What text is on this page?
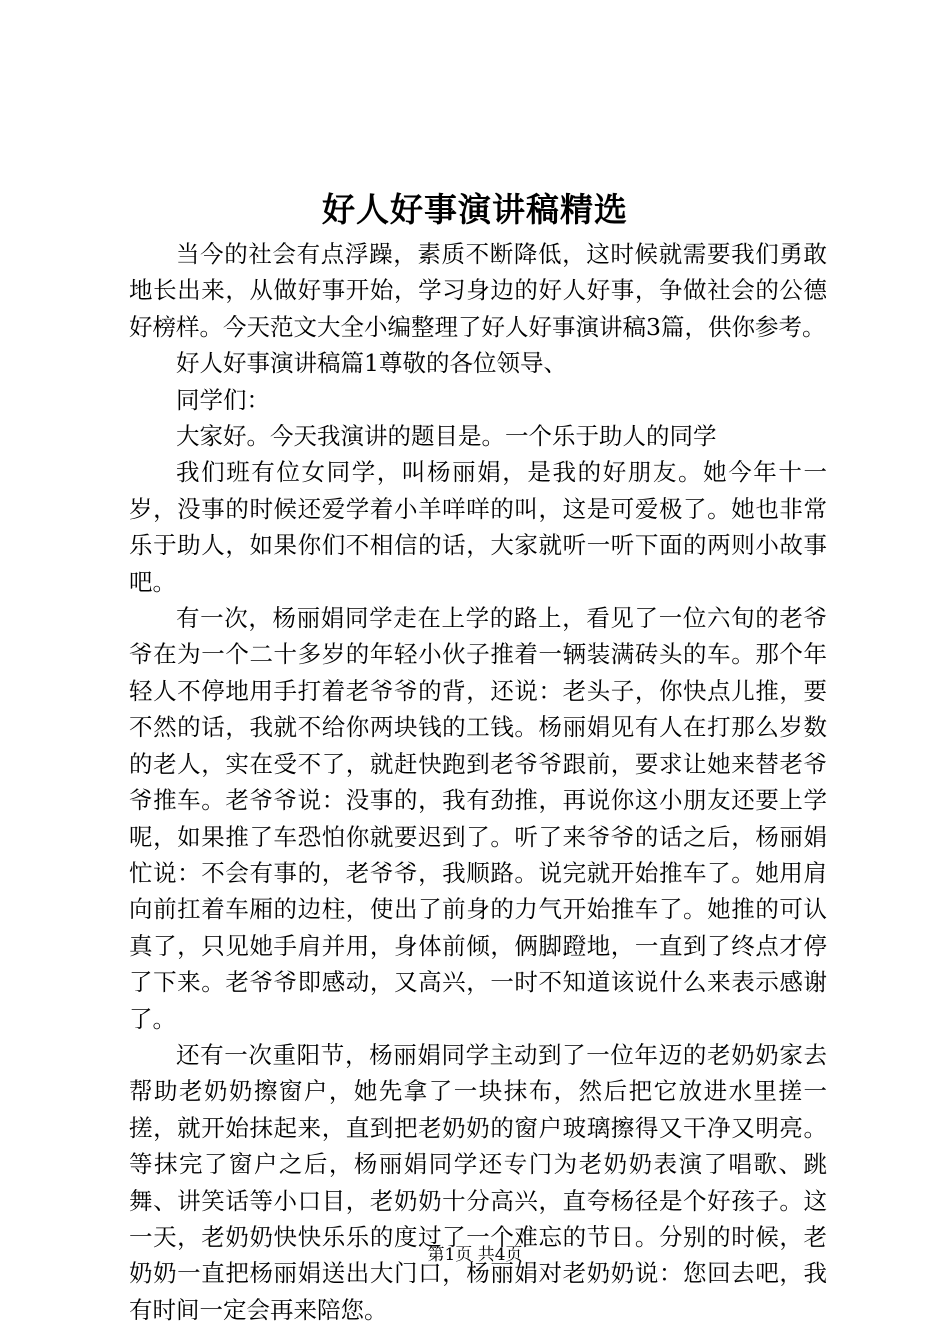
好人好事演讲稿精选

当今的社会有点浮躁，素质不断降低，这时候就需要我们勇敢地长出来，从做好事开始，学习身边的好人好事，争做社会的公德好榜样。今天范文大全小编整理了好人好事演讲稿3篇，供你参考。

好人好事演讲稿篇1尊敬的各位领导、

同学们：

大家好。今天我演讲的题目是。一个乐于助人的同学

我们班有位女同学，叫杨丽娟，是我的好朋友。她今年十一岁，没事的时候还爱学着小羊咩咩的叫，这是可爱极了。她也非常乐于助人，如果你们不相信的话，大家就听一听下面的两则小故事吧。

有一次，杨丽娟同学走在上学的路上，看见了一位六旬的老爷爷在为一个二十多岁的年轻小伙子推着一辆装满砖头的车。那个年轻人不停地用手打着老爷爷的背，还说：老头子，你快点儿推，要不然的话，我就不给你两块钱的工钱。杨丽娟见有人在打那么岁数的老人，实在受不了，就赶快跑到老爷爷跟前，要求让她来替老爷爷推车。老爷爷说：没事的，我有劲推，再说你这小朋友还要上学呢，如果推了车恐怕你就要迟到了。听了来爷爷的话之后，杨丽娟忙说：不会有事的，老爷爷，我顺路。说完就开始推车了。她用肩向前扛着车厢的边柱，使出了前身的力气开始推车了。她推的可认真了，只见她手肩并用，身体前倾，俩脚蹬地，一直到了终点才停了下来。老爷爷即感动，又高兴，一时不知道该说什么来表示感谢了。

还有一次重阳节，杨丽娟同学主动到了一位年迈的老奶奶家去帮助老奶奶擦窗户，她先拿了一块抹布，然后把它放进水里搓一搓，就开始抹起来，直到把老奶奶的窗户玻璃擦得又干净又明亮。等抹完了窗户之后，杨丽娟同学还专门为老奶奶表演了唱歌、跳舞、讲笑话等小口目，老奶奶十分高兴，直夸杨径是个好孩子。这一天，老奶奶快快乐乐的度过了一个难忘的节日。分别的时候，老奶奶一直把杨丽娟送出大门口，杨丽娟对老奶奶说：您回去吧，我有时间一定会再来陪您。

第1页 共4页
